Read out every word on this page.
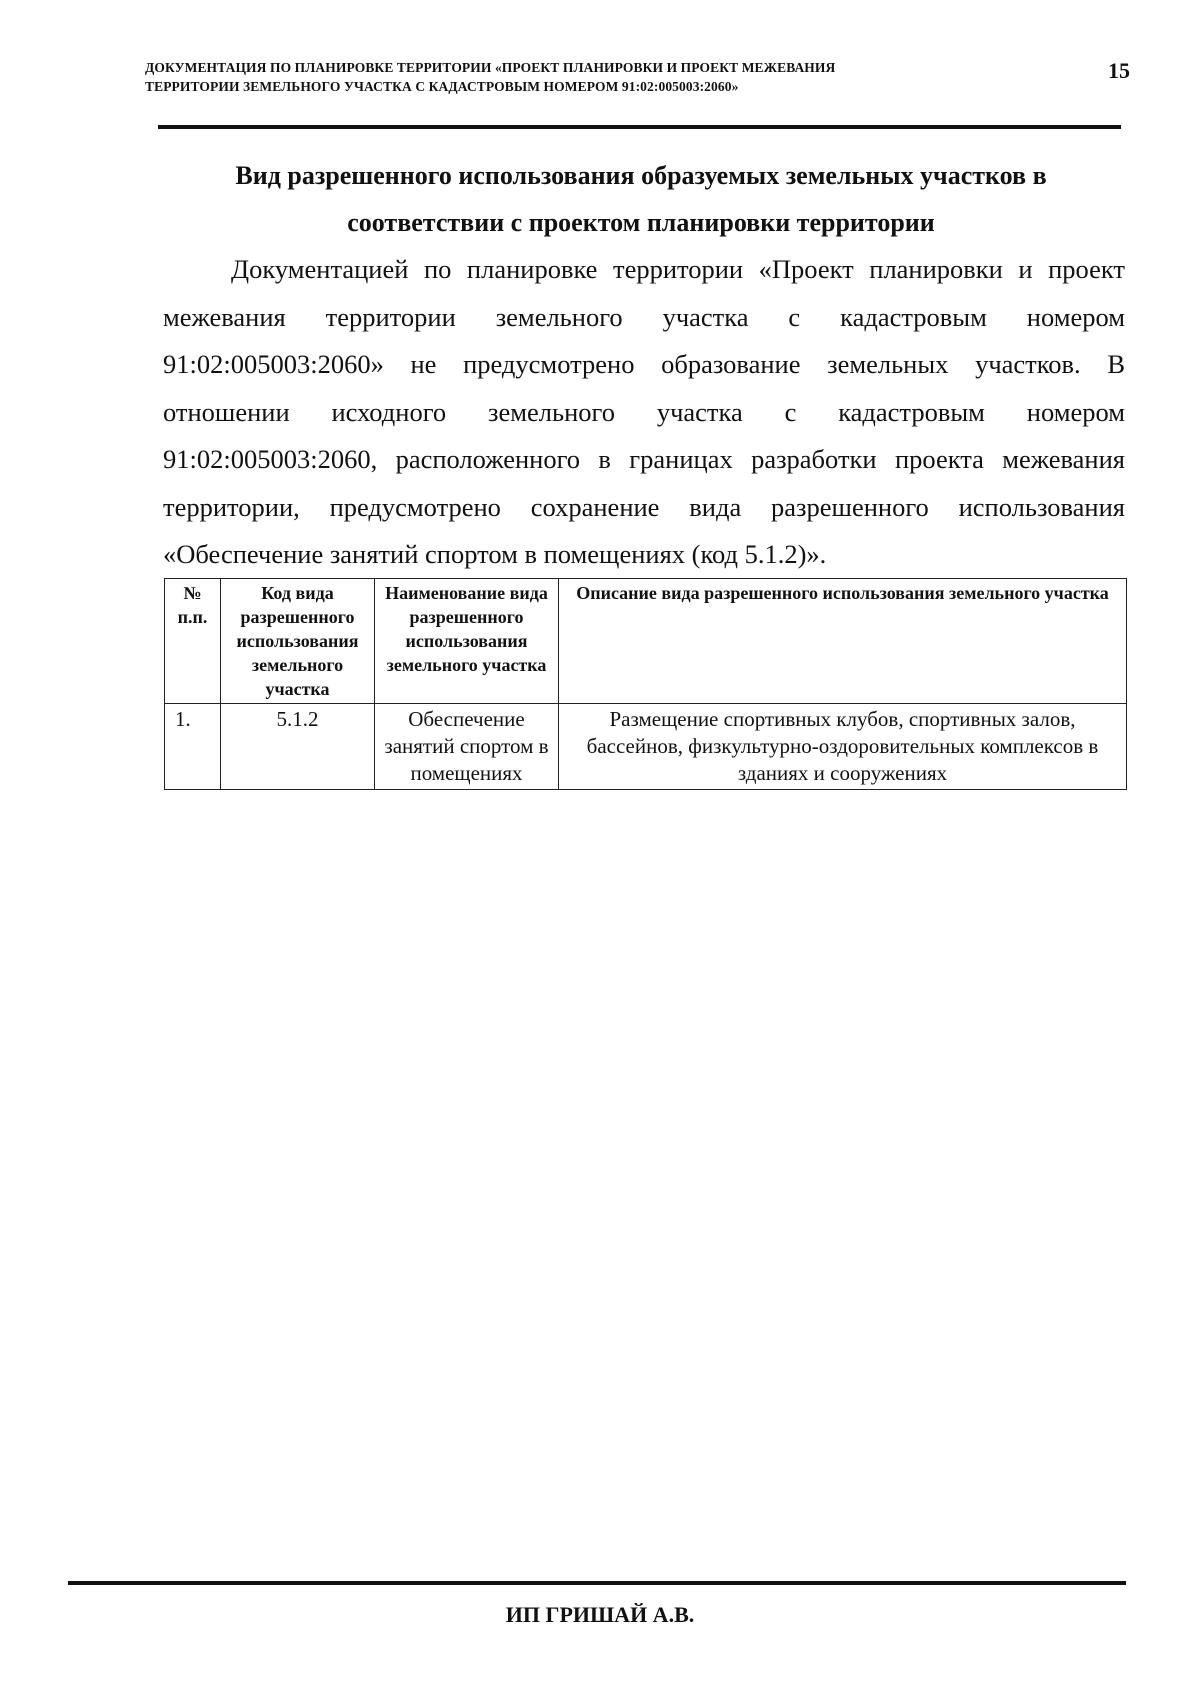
ДОКУМЕНТАЦИЯ ПО ПЛАНИРОВКЕ ТЕРРИТОРИИ «ПРОЕКТ ПЛАНИРОВКИ И ПРОЕКТ МЕЖЕВАНИЯ
ТЕРРИТОРИИ ЗЕМЕЛЬНОГО УЧАСТКА С КАДАСТРОВЫМ НОМЕРОМ 91:02:005003:2060»
15
Вид разрешенного использования образуемых земельных участков в
соответствии с проектом планировки территории
Документацией по планировке территории «Проект планировки и проект межевания территории земельного участка с кадастровым номером 91:02:005003:2060» не предусмотрено образование земельных участков. В отношении исходного земельного участка с кадастровым номером 91:02:005003:2060, расположенного в границах разработки проекта межевания территории, предусмотрено сохранение вида разрешенного использования «Обеспечение занятий спортом в помещениях (код 5.1.2)».
№ п.п.	Код вида разрешенного использования земельного участка	Наименование вида разрешенного использования земельного участка	Описание вида разрешенного использования земельного участка
1.	5.1.2	Обеспечение занятий спортом в помещениях	Размещение спортивных клубов, спортивных залов, бассейнов, физкультурно-оздоровительных комплексов в зданиях и сооружениях
ИП ГРИШАЙ А.В.
